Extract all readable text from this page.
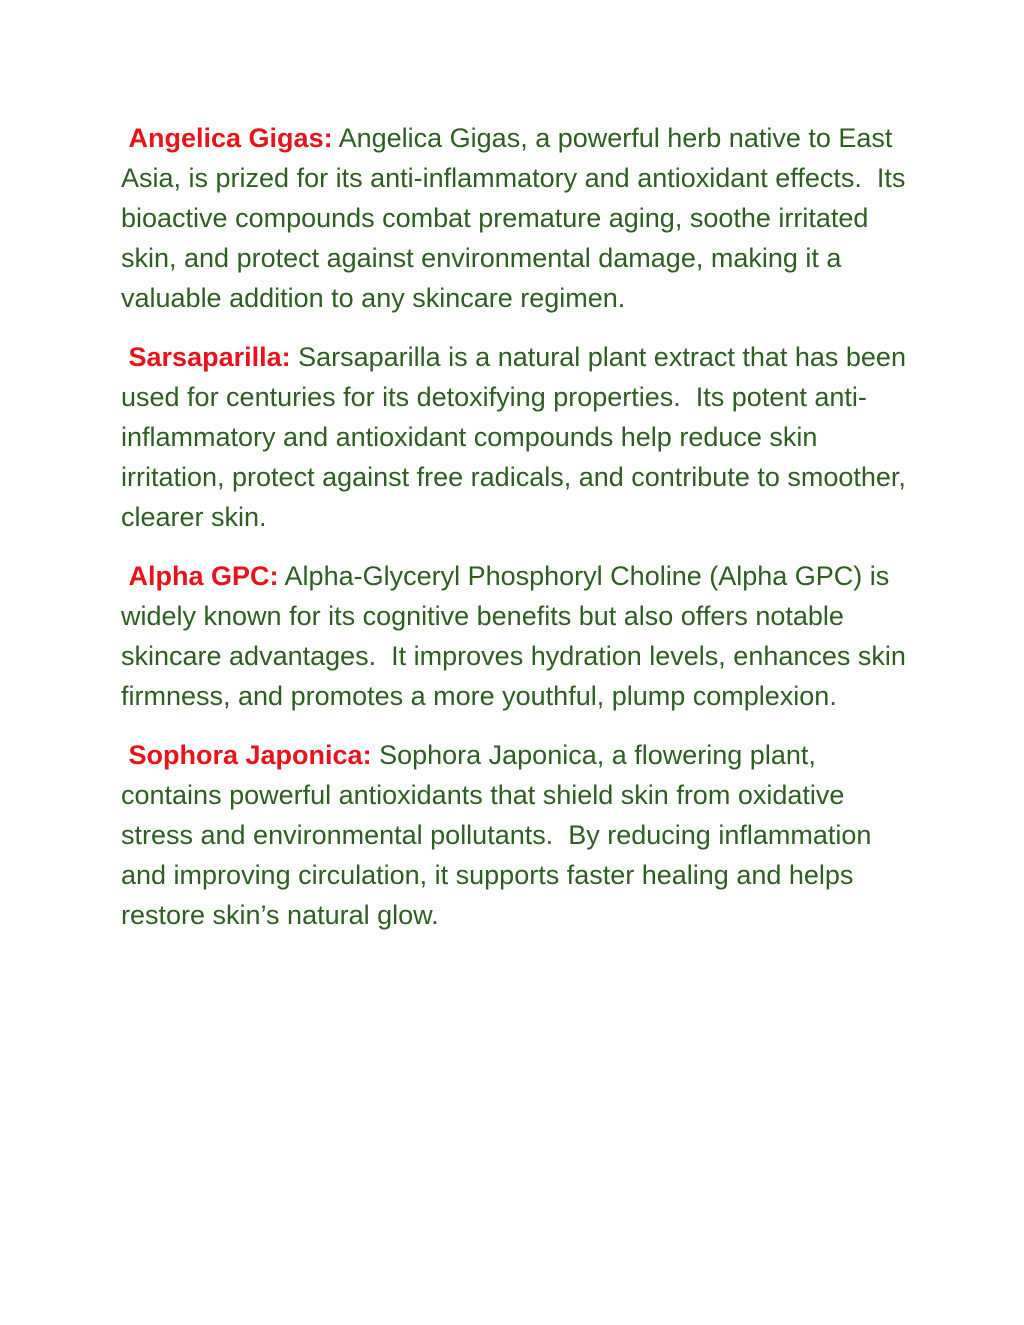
Angelica Gigas: Angelica Gigas, a powerful herb native to East Asia, is prized for its anti-inflammatory and antioxidant effects.  Its bioactive compounds combat premature aging, soothe irritated skin, and protect against environmental damage, making it a valuable addition to any skincare regimen.

Sarsaparilla: Sarsaparilla is a natural plant extract that has been used for centuries for its detoxifying properties.  Its potent anti-inflammatory and antioxidant compounds help reduce skin irritation, protect against free radicals, and contribute to smoother, clearer skin.

Alpha GPC: Alpha-Glyceryl Phosphoryl Choline (Alpha GPC) is widely known for its cognitive benefits but also offers notable skincare advantages.  It improves hydration levels, enhances skin firmness, and promotes a more youthful, plump complexion.

Sophora Japonica: Sophora Japonica, a flowering plant, contains powerful antioxidants that shield skin from oxidative stress and environmental pollutants.  By reducing inflammation and improving circulation, it supports faster healing and helps restore skin’s natural glow.
